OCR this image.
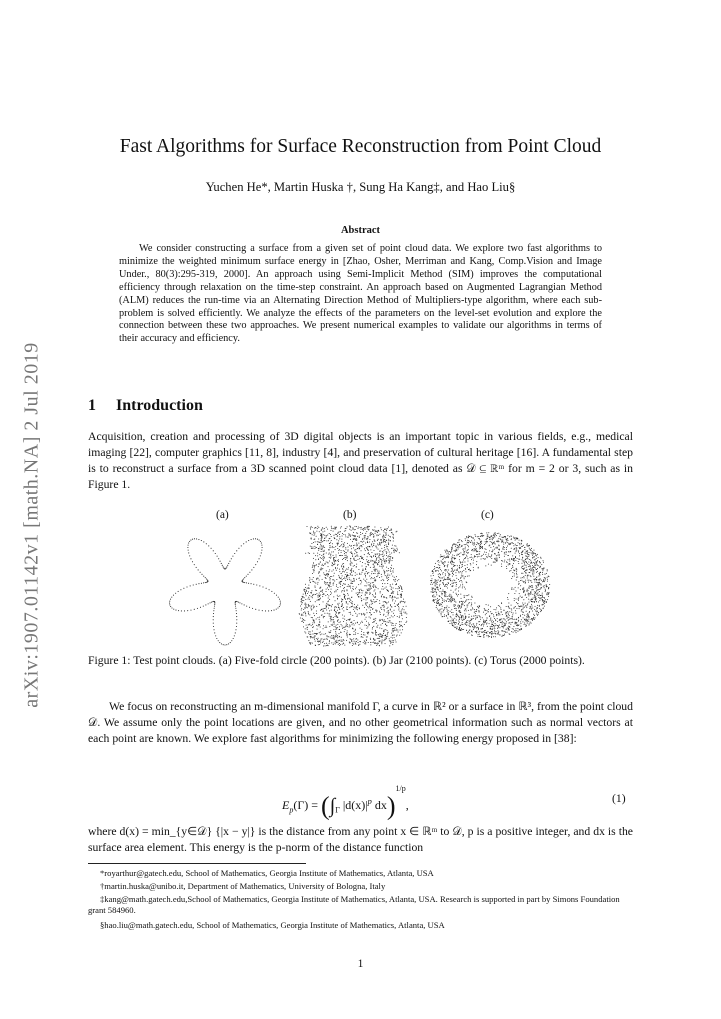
arXiv:1907.01142v1 [math.NA] 2 Jul 2019
Fast Algorithms for Surface Reconstruction from Point Cloud
Yuchen He*, Martin Huska †, Sung Ha Kang‡, and Hao Liu§
Abstract
We consider constructing a surface from a given set of point cloud data. We explore two fast algorithms to minimize the weighted minimum surface energy in [Zhao, Osher, Merriman and Kang, Comp.Vision and Image Under., 80(3):295-319, 2000]. An approach using Semi-Implicit Method (SIM) improves the computational efficiency through relaxation on the time-step constraint. An approach based on Augmented Lagrangian Method (ALM) reduces the run-time via an Alternating Direction Method of Multipliers-type algorithm, where each sub-problem is solved efficiently. We analyze the effects of the parameters on the level-set evolution and explore the connection between these two approaches. We present numerical examples to validate our algorithms in terms of their accuracy and efficiency.
1 Introduction
Acquisition, creation and processing of 3D digital objects is an important topic in various fields, e.g., medical imaging [22], computer graphics [11, 8], industry [4], and preservation of cultural heritage [16]. A fundamental step is to reconstruct a surface from a 3D scanned point cloud data [1], denoted as 𝒟 ⊆ ℝᵐ for m = 2 or 3, such as in Figure 1.
(a)	(b)	(c)
Figure 1: Test point clouds. (a) Five-fold circle (200 points). (b) Jar (2100 points). (c) Torus (2000 points).
We focus on reconstructing an m-dimensional manifold Γ, a curve in ℝ² or a surface in ℝ³, from the point cloud 𝒟. We assume only the point locations are given, and no other geometrical information such as normal vectors at each point are known. We explore fast algorithms for minimizing the following energy proposed in [38]:
$E_p(\Gamma) = (\int_\Gamma$ $|d(x)|^p$ dx)$^{1/p}$,	(1)
where d(x) = min_{y∈𝒟} {|x − y|} is the distance from any point x ∈ ℝᵐ to 𝒟, p is a positive integer, and dx is the surface area element. This energy is the p-norm of the distance function
*royarthur@gatech.edu, School of Mathematics, Georgia Institute of Mathematics, Atlanta, USA
†martin.huska@unibo.it, Department of Mathematics, University of Bologna, Italy
‡kang@math.gatech.edu,School of Mathematics, Georgia Institute of Mathematics, Atlanta, USA. Research is supported in part by Simons Foundation grant 584960.
§hao.liu@math.gatech.edu, School of Mathematics, Georgia Institute of Mathematics, Atlanta, USA
1
